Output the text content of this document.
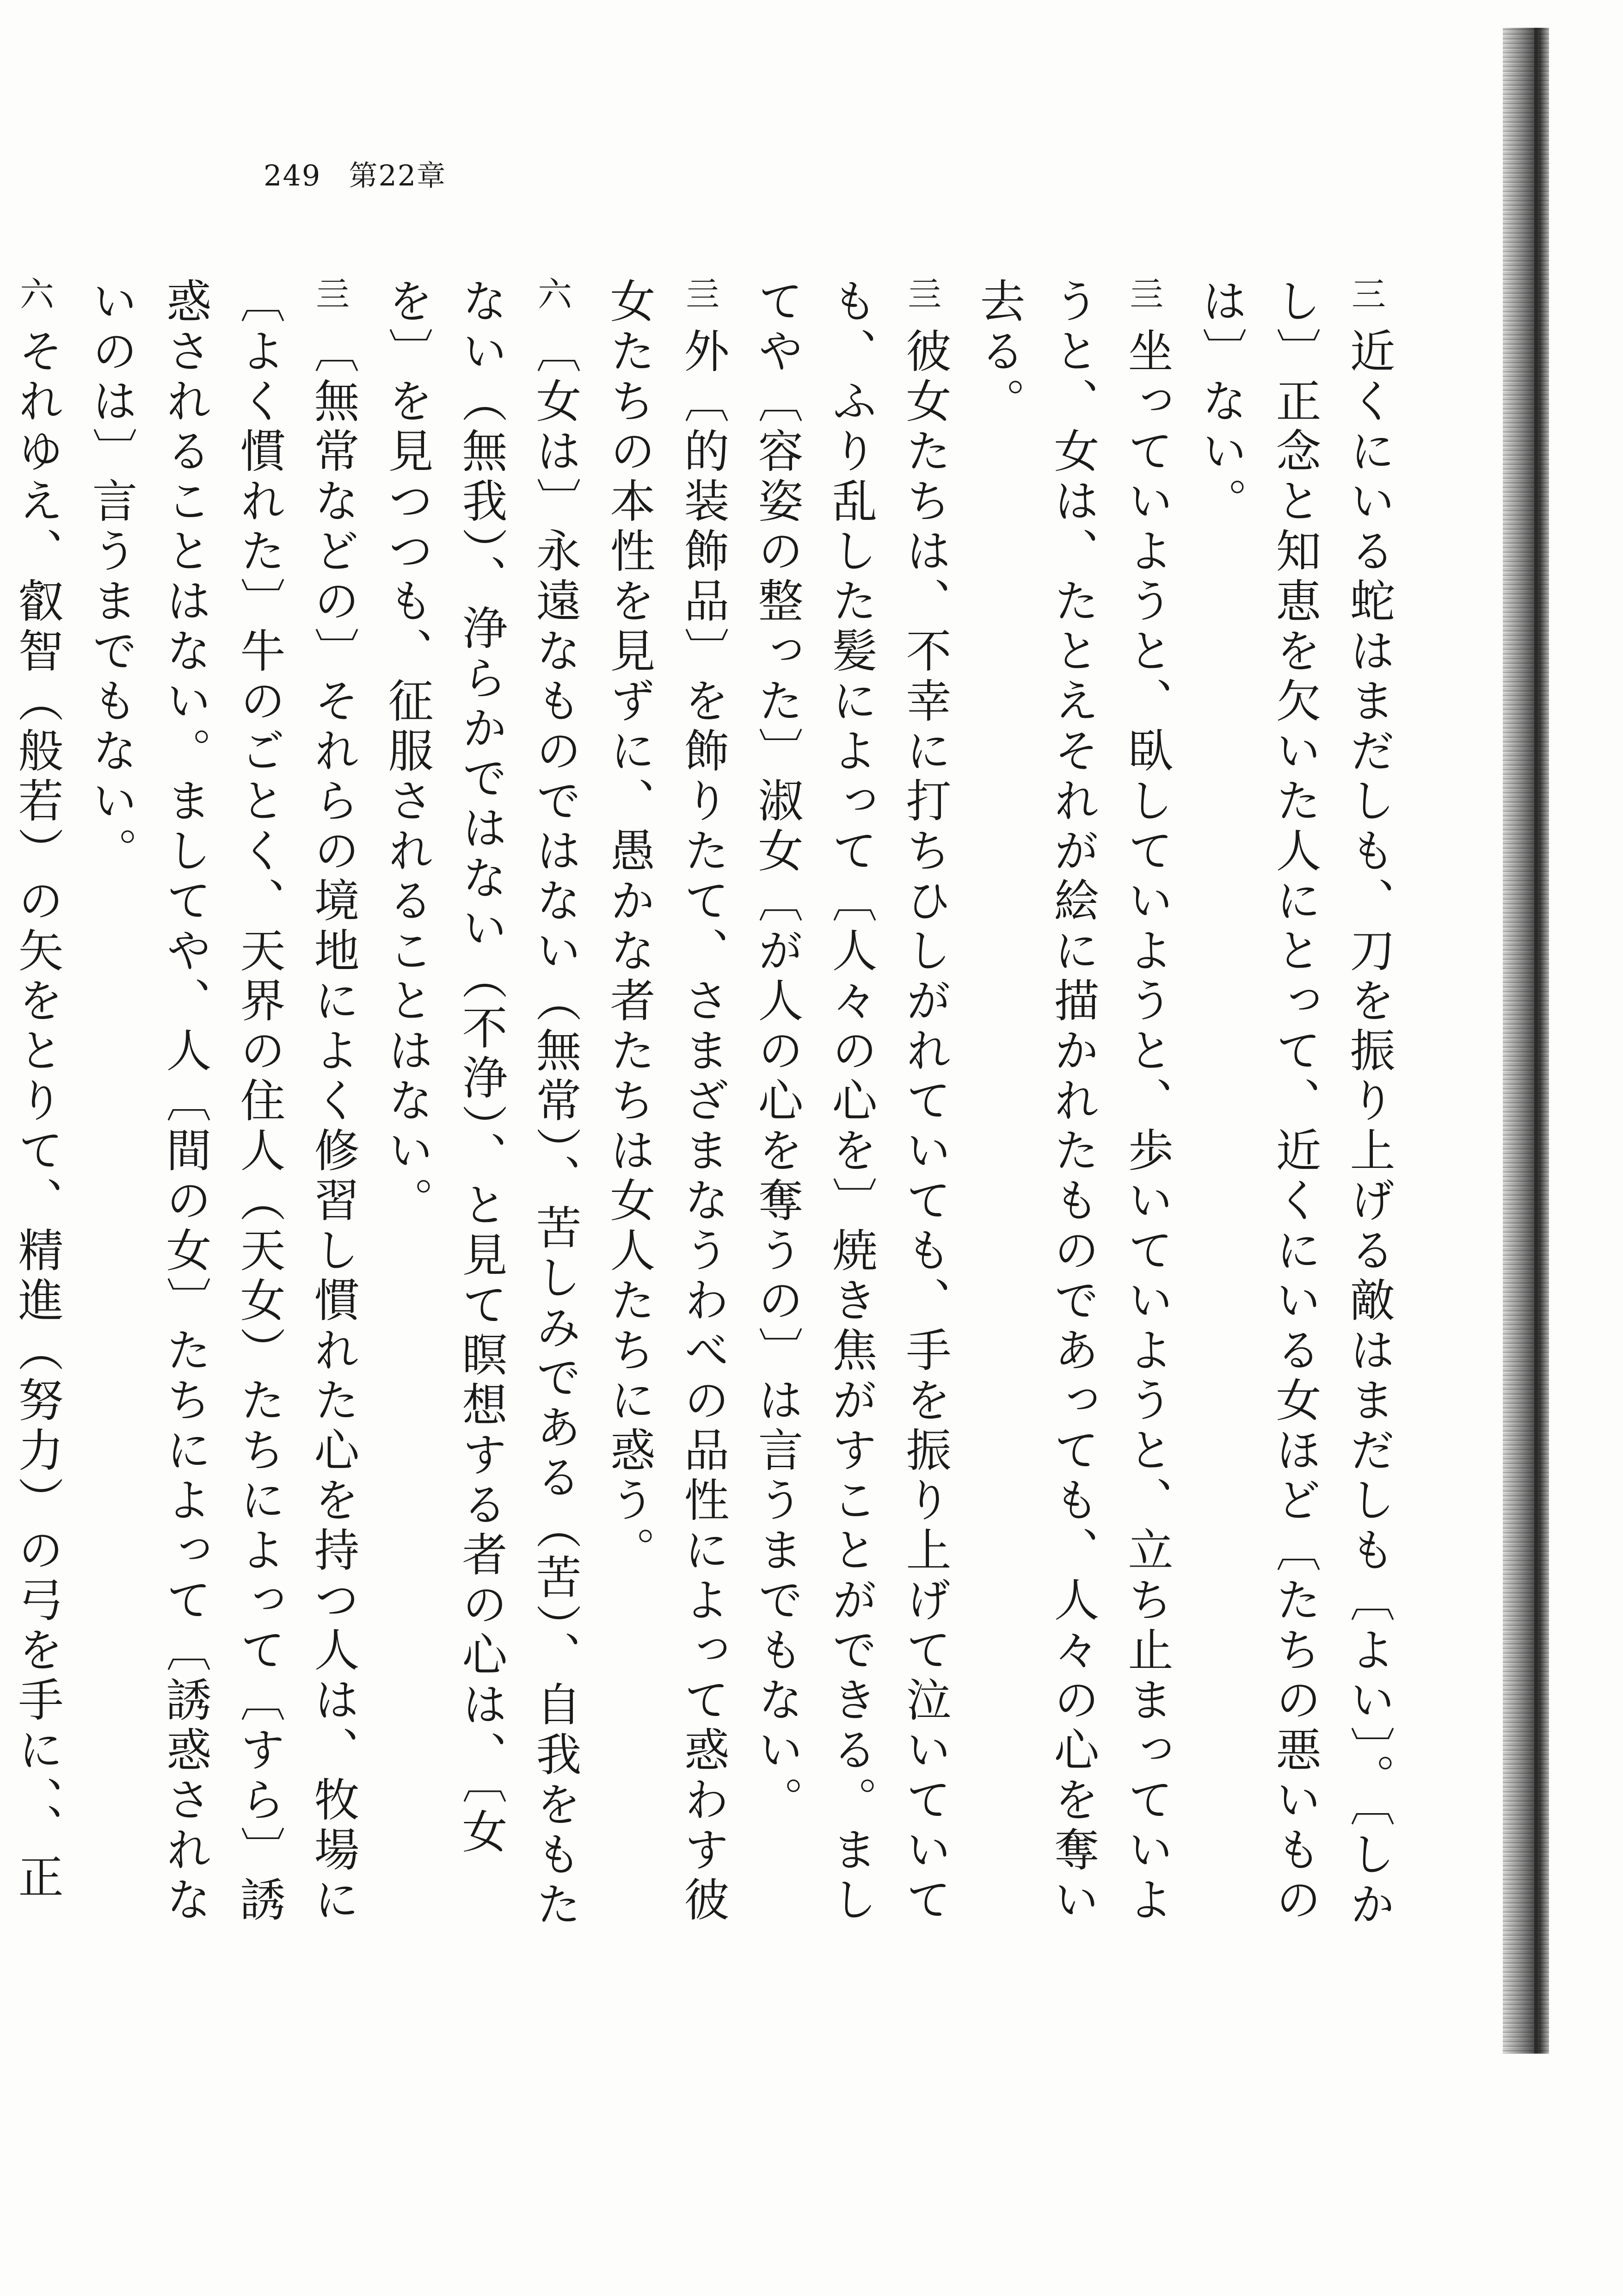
249 第22章

三近くにいる蛇はまだしも、刀を振り上げる敵はまだしも〔よい〕。〔しかし〕正念と知恵を欠いた人にとって、近くにいる女ほど〔たちの悪いものは〕ない。

亖坐っていようと、臥していようと、歩いていようと、立ち止まっていようと、女は、たとえそれが絵に描かれたものであっても、人々の心を奪い去る。

亖彼女たちは、不幸に打ちひしがれていても、手を振り上げて泣いていても、ふり乱した髪によって〔人々の心を〕焼き焦がすことができる。ましてや〔容姿の整った〕淑女〔が人の心を奪うの〕は言うまでもない。

亖外〔的装飾品〕を飾りたて、さまざまなうわべの品性によって惑わす彼女たちの本性を見ずに、愚かな者たちは女人たちに惑う。

六〔女は〕永遠なものではない（無常）、苦しみである（苦）、自我をもたない（無我）、浄らかではない（不浄）、と見て瞑想する者の心は、〔女を〕を見つつも、征服されることはない。

亖〔無常などの〕それらの境地によく修習し慣れた心を持つ人は、牧場に〔よく慣れた〕牛のごとく、天界の住人（天女）たちによって〔すら〕誘惑されることはない。ましてや、人〔間の女〕たちによって〔誘惑されないのは〕言うまでもない。

六それゆえ、叡智（般若）の矢をとりて、精進（努力）の弓を手に、、正
